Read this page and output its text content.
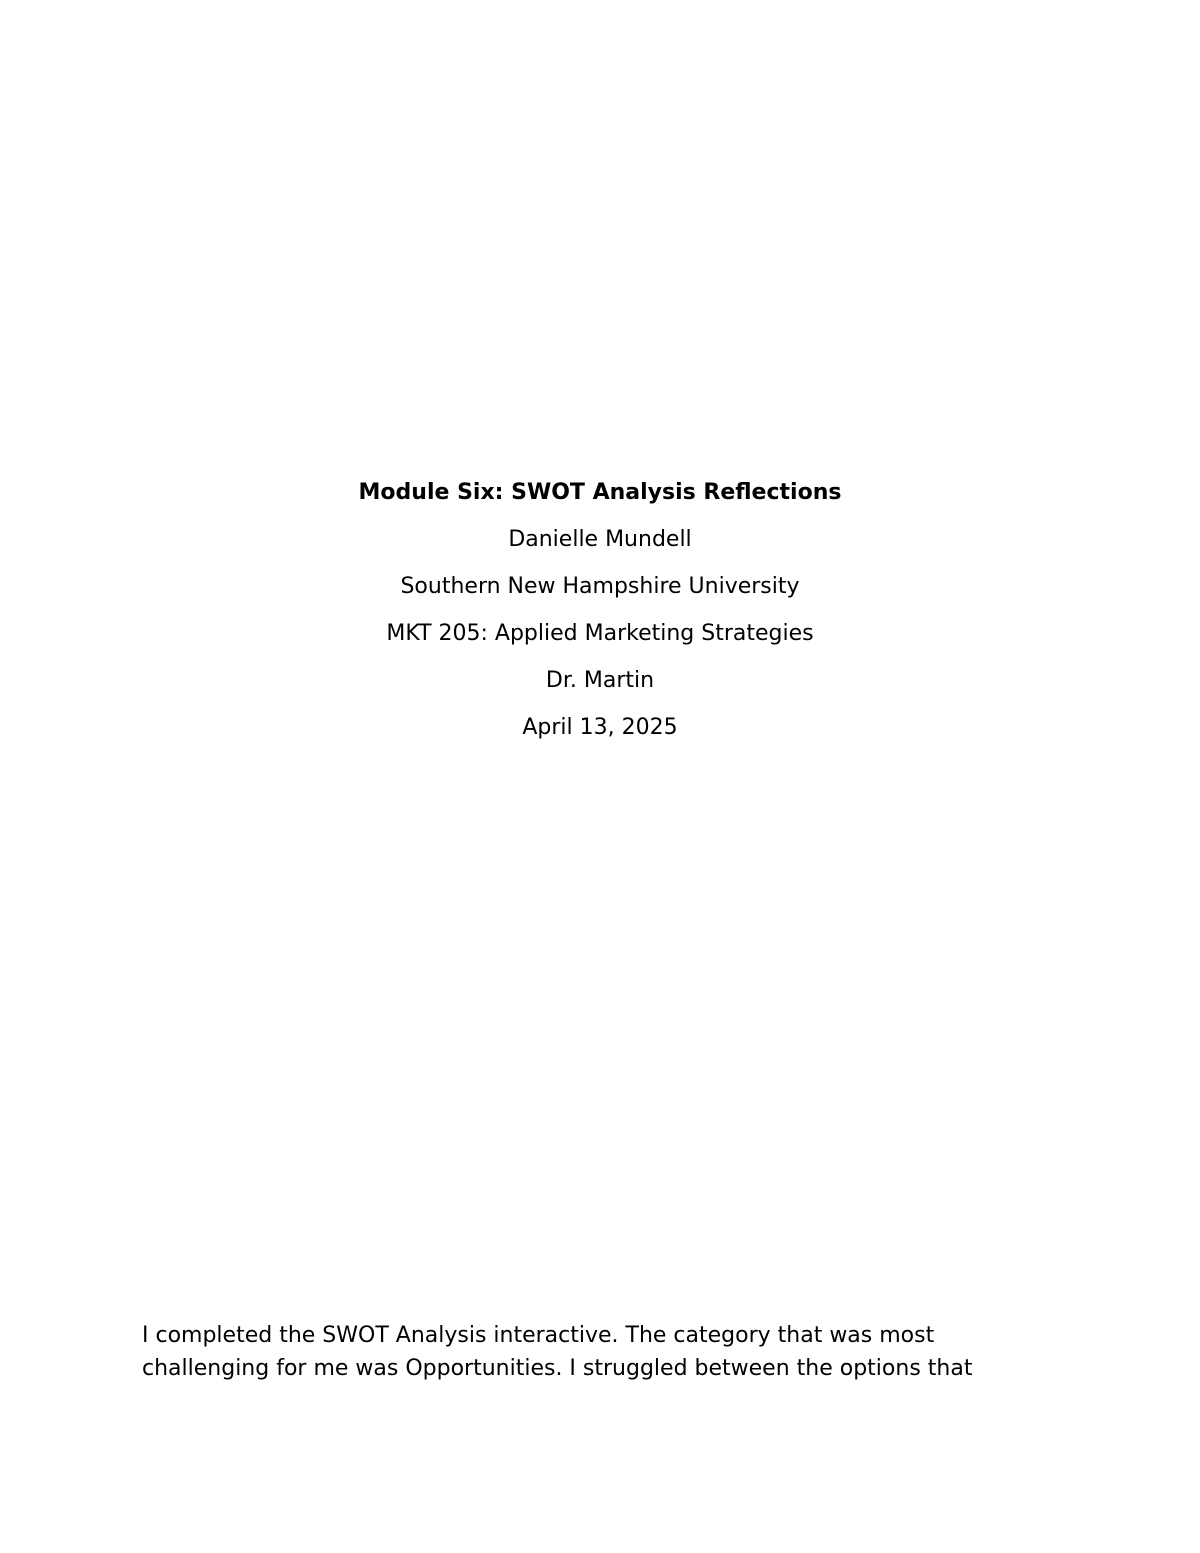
Module Six: SWOT Analysis Reflections
Danielle Mundell
Southern New Hampshire University
MKT 205: Applied Marketing Strategies
Dr. Martin
April 13, 2025
I completed the SWOT Analysis interactive. The category that was most
challenging for me was Opportunities. I struggled between the options that
